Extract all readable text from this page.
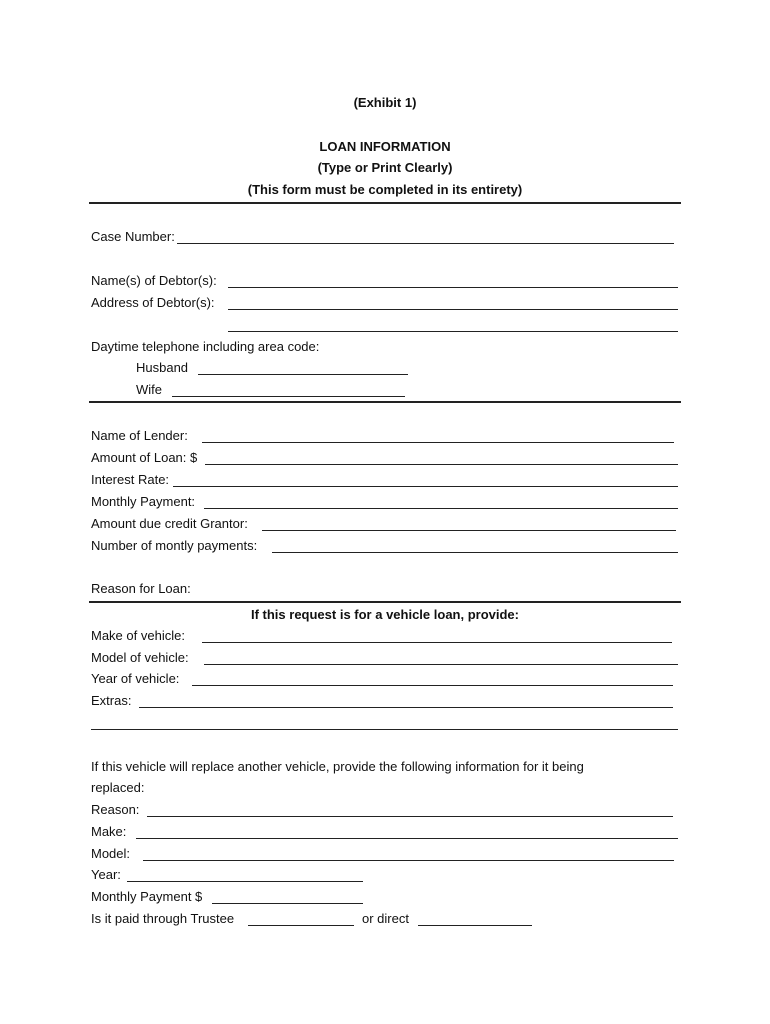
(Exhibit 1)
LOAN INFORMATION
(Type or Print Clearly)
(This form must be completed in its entirety)
Case Number:
Name(s) of Debtor(s):
Address of Debtor(s):
Daytime telephone including area code:
Husband
Wife
Name of Lender:
Amount of Loan: $
Interest Rate:
Monthly Payment:
Amount due credit Grantor:
Number of montly payments:
Reason for Loan:
If this request is for a vehicle loan, provide:
Make of vehicle:
Model of vehicle:
Year of vehicle:
Extras:
If this vehicle will replace another vehicle, provide the following information for it being
replaced:
Reason:
Make:
Model:
Year:
Monthly Payment $
Is it paid through Trustee	or direct
